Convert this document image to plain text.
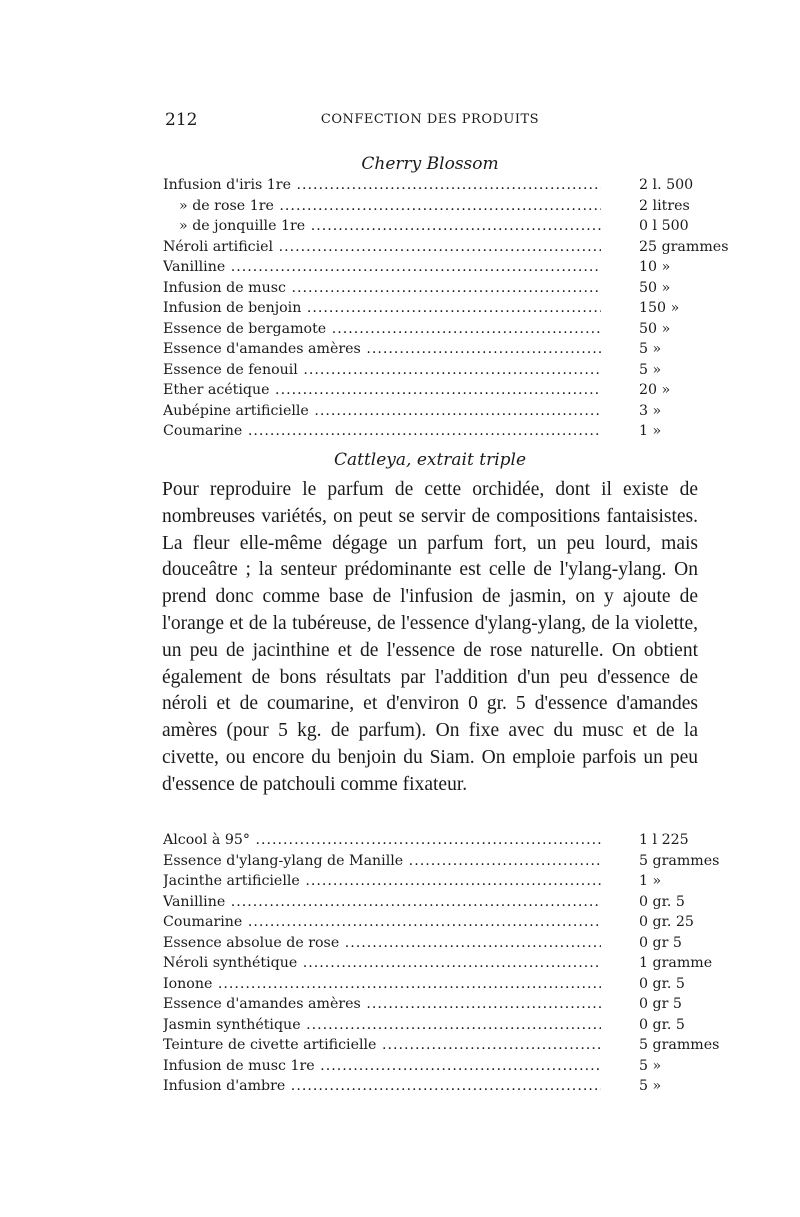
212	CONFECTION DES PRODUITS
Cherry Blossom
Infusion d'iris 1re .....	2 l. 500
» de rose 1re .....	2 litres
» de jonquille 1re .....	0 l 500
Néroli artificiel .....	25 grammes
Vanilline .....	10 »
Infusion de musc .....	50 »
Infusion de benjoin .....	150 »
Essence de bergamote .....	50 »
Essence d'amandes amères .....	5 »
Essence de fenouil .....	5 »
Ether acétique .....	20 »
Aubépine artificielle .....	3 »
Coumarine .....	1 »
Cattleya, extrait triple
Pour reproduire le parfum de cette orchidée, dont il existe de nombreuses variétés, on peut se servir de compositions fantaisistes. La fleur elle-même dégage un parfum fort, un peu lourd, mais douceâtre ; la senteur prédominante est celle de l'ylang-ylang. On prend donc comme base de l'infusion de jasmin, on y ajoute de l'orange et de la tubéreuse, de l'essence d'ylang-ylang, de la violette, un peu de jacinthine et de l'essence de rose naturelle. On obtient également de bons résultats par l'addition d'un peu d'essence de néroli et de coumarine, et d'environ 0 gr. 5 d'essence d'amandes amères (pour 5 kg. de parfum). On fixe avec du musc et de la civette, ou encore du benjoin du Siam. On emploie parfois un peu d'essence de patchouli comme fixateur.
Alcool à 95° .....	1 l 225
Essence d'ylang-ylang de Manille .....	5 grammes
Jacinthe artificielle .....	1 »
Vanilline .....	0 gr. 5
Coumarine .....	0 gr. 25
Essence absolue de rose .....	0 gr 5
Néroli synthétique .....	1 gramme
Ionone .....	0 gr. 5
Essence d'amandes amères .....	0 gr 5
Jasmin synthétique .....	0 gr. 5
Teinture de civette artificielle .....	5 grammes
Infusion de musc 1re .....	5 »
Infusion d'ambre .....	5 »
